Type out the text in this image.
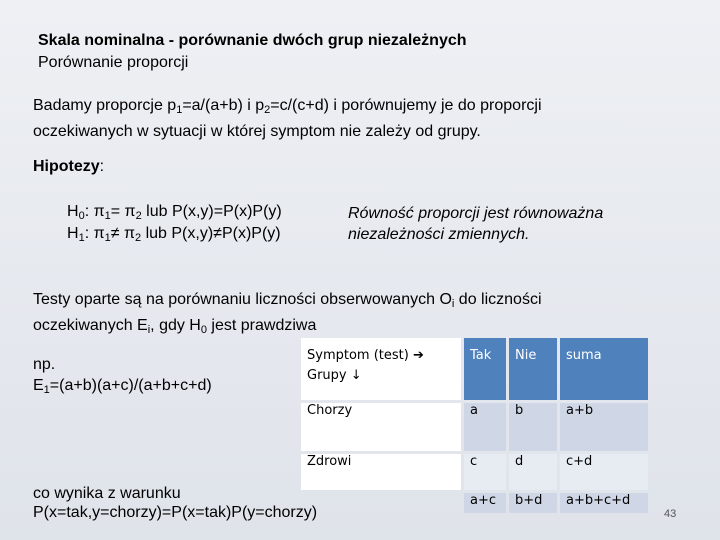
Skala nominalna - porównanie dwóch grup niezależnych
Porównanie proporcji
Badamy proporcje $p_1=a/(a+b)$ i $p_2=c/(c+d)$ i porównujemy je do proporcji
oczekiwanych w sytuacji w której symptom nie zależy od grupy.
Hipotezy:
$H_0$: $\pi_1= \pi_2$ lub P(x,y)=P(x)P(y)
$H_1$: $\pi_1\ne \pi_2$ lub P(x,y)≠P(x)P(y)
Równość proporcji jest równoważna
niezależności zmiennych.
Testy oparte są na porównaniu liczności obserwowanych $O_i$ do liczności
oczekiwanych $E_i$, gdy $H_0$ jest prawdziwa
np.
$E_1=(a+b)(a+c)/(a+b+c+d)$
Symptom (test) ➔
Grupy ↓	Tak	Nie	suma
Chorzy	a	b	a+b
Zdrowi	c	d	c+d
	a+c	b+d	a+b+c+d
co wynika z warunku
P(x=tak,y=chorzy)=P(x=tak)P(y=chorzy)	43
